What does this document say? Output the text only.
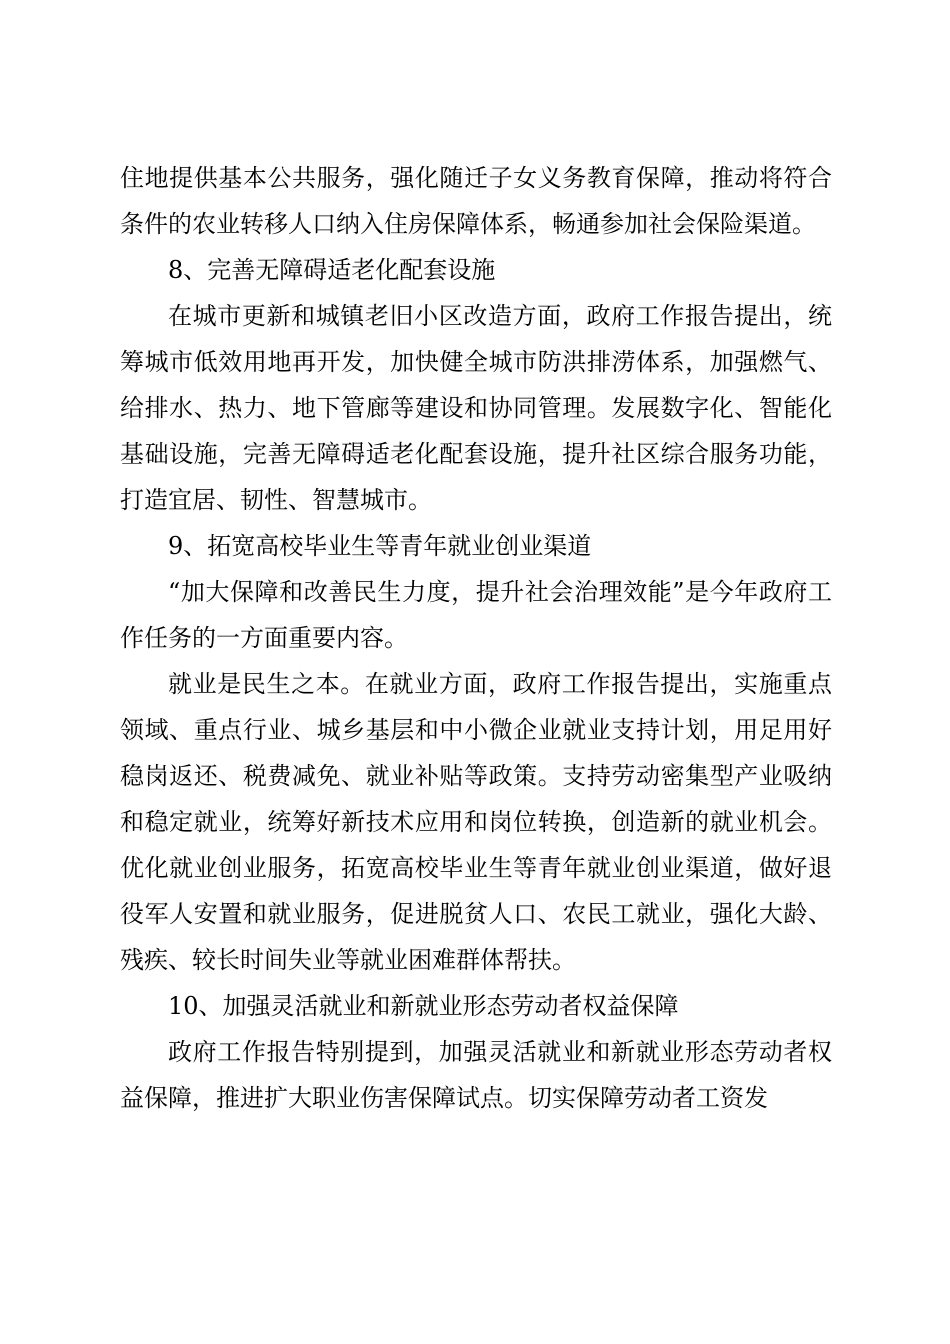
住地提供基本公共服务，强化随迁子女义务教育保障，推动将符合条件的农业转移人口纳入住房保障体系，畅通参加社会保险渠道。

8、完善无障碍适老化配套设施

在城市更新和城镇老旧小区改造方面，政府工作报告提出，统筹城市低效用地再开发，加快健全城市防洪排涝体系，加强燃气、给排水、热力、地下管廊等建设和协同管理。发展数字化、智能化基础设施，完善无障碍适老化配套设施，提升社区综合服务功能，打造宜居、韧性、智慧城市。

9、拓宽高校毕业生等青年就业创业渠道

“加大保障和改善民生力度，提升社会治理效能”是今年政府工作任务的一方面重要内容。

就业是民生之本。在就业方面，政府工作报告提出，实施重点领域、重点行业、城乡基层和中小微企业就业支持计划，用足用好稳岗返还、税费减免、就业补贴等政策。支持劳动密集型产业吸纳和稳定就业，统筹好新技术应用和岗位转换，创造新的就业机会。优化就业创业服务，拓宽高校毕业生等青年就业创业渠道，做好退役军人安置和就业服务，促进脱贫人口、农民工就业，强化大龄、残疾、较长时间失业等就业困难群体帮扶。

10、加强灵活就业和新就业形态劳动者权益保障

政府工作报告特别提到，加强灵活就业和新就业形态劳动者权益保障，推进扩大职业伤害保障试点。切实保障劳动者工资发
